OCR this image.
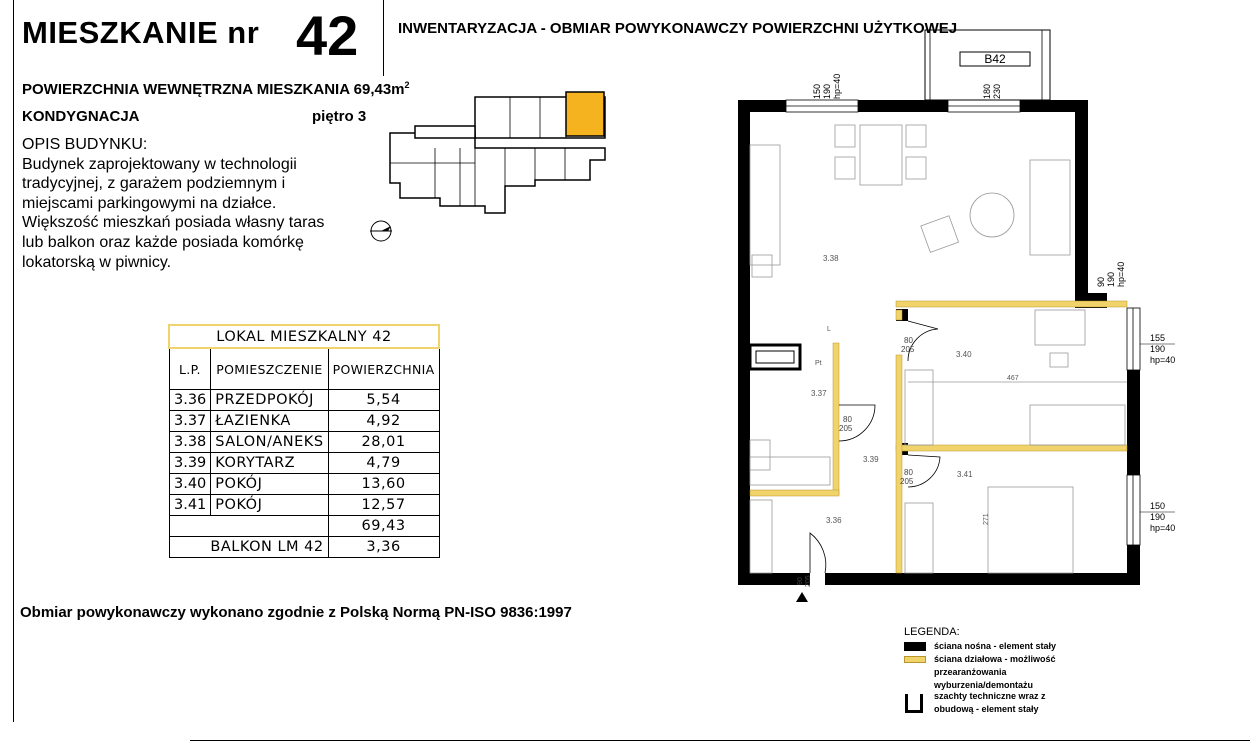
MIESZKANIE nr 42	INWENTARYZACJA - OBMIAR POWYKONAWCZY POWIERZCHNI UŻYTKOWEJ
POWIERZCHNIA WEWNĘTRZNA MIESZKANIA $69,43m^2$
KONDYGNACJA	piętro 3
OPIS BUDYNKU:
Budynek zaprojektowany w technologii tradycyjnej, z garażem podziemnym i miejscami parkingowymi na działce. Większość mieszkań posiada własny taras lub balkon oraz każde posiada komórkę lokatorską w piwnicy.
LOKAL MIESZKALNY 42		
L.P.	POMIESZCZENIE	POWIERZCHNIA
3.36	PRZEDPOKÓJ	5,54
3.37	ŁAZIENKA	4,92
3.38	SALON/ANEKS	28,01
3.39	KORYTARZ	4,79
3.40	POKÓJ	13,60
3.41	POKÓJ	12,57
		69,43
BALKON LM 42		3,36
Obmiar powykonawczy wykonano zgodnie z Polską Normą PN-ISO 9836:1997
B42
3.38
3.40
3.37
3.39
3.41
3.36
467
Pt
L
271
80
205
80
205
80
205
90 205
150 190 hp=40	180 230
90 190 hp=40
155
190
hp=40
150
190
hp=40
LEGENDA:
ściana nośna - element stały
ściana działowa - możliwość przearanżowania wyburzenia/demontażu
szachty techniczne wraz z obudową - element stały
